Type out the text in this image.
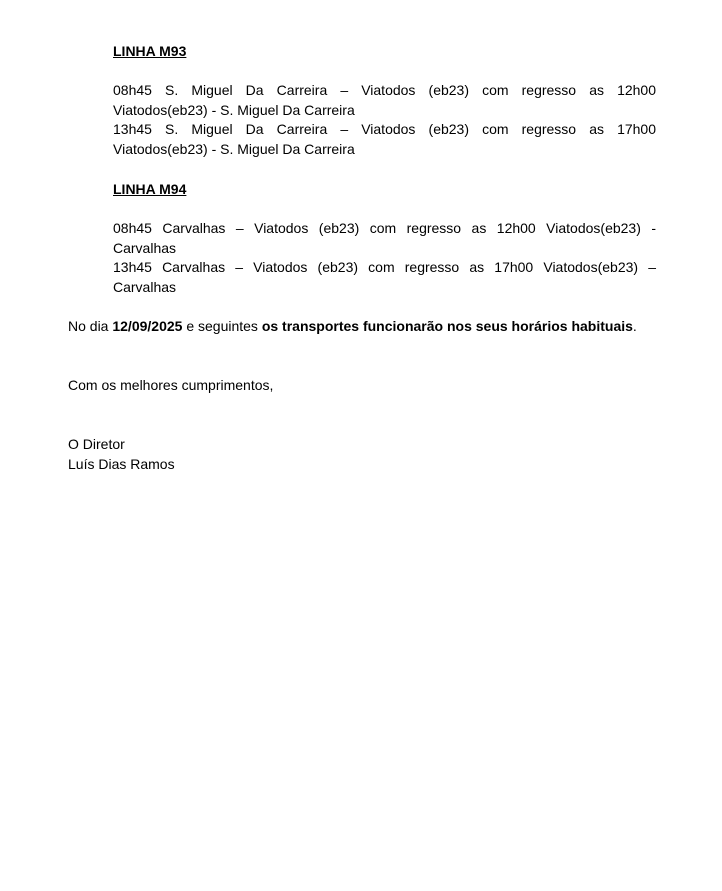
LINHA M93
08h45 S. Miguel Da Carreira – Viatodos (eb23) com regresso as 12h00
Viatodos(eb23) - S. Miguel Da Carreira
13h45 S. Miguel Da Carreira – Viatodos (eb23) com regresso as 17h00
Viatodos(eb23) - S. Miguel Da Carreira
LINHA M94
08h45 Carvalhas – Viatodos (eb23) com regresso as 12h00 Viatodos(eb23) -
Carvalhas
13h45 Carvalhas – Viatodos (eb23) com regresso as 17h00 Viatodos(eb23) –
Carvalhas
No dia 12/09/2025 e seguintes os transportes funcionarão nos seus horários habituais.
Com os melhores cumprimentos,
O Diretor
Luís Dias Ramos
